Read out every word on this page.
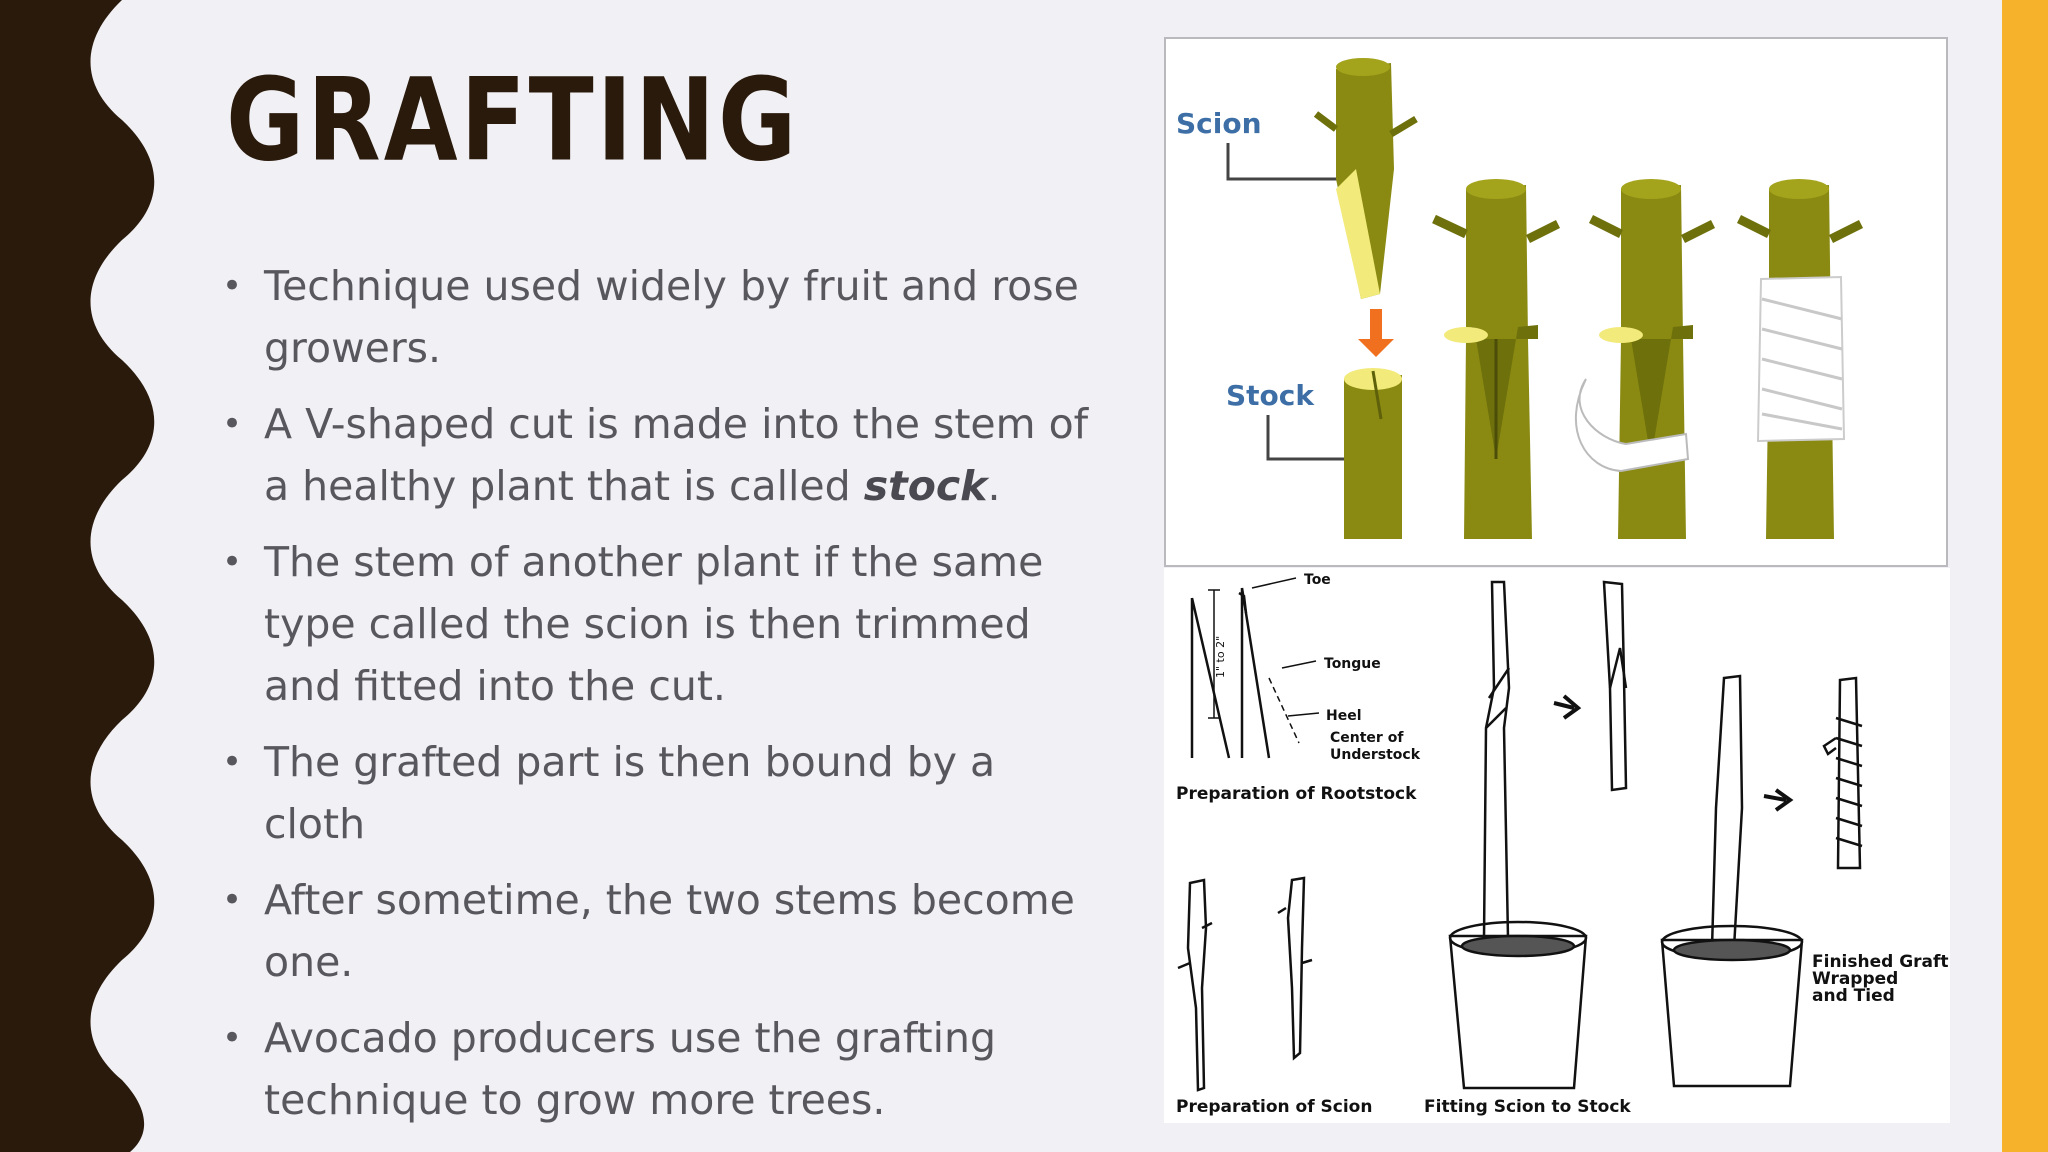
GRAFTING
• Technique used widely by fruit and rose growers.
• A V-shaped cut is made into the stem of a healthy plant that is called stock.
• The stem of another plant if the same type called the scion is then trimmed and fitted into the cut.
• The grafted part is then bound by a cloth
• After sometime, the two stems become one.
• Avocado producers use the grafting technique to grow more trees.
Scion
Stock
Toe
Tongue
Heel
Center of
Understock
1" to 2"
Preparation of Rootstock
Preparation of Scion	Fitting Scion to Stock
Finished Graft
Wrapped
and Tied
